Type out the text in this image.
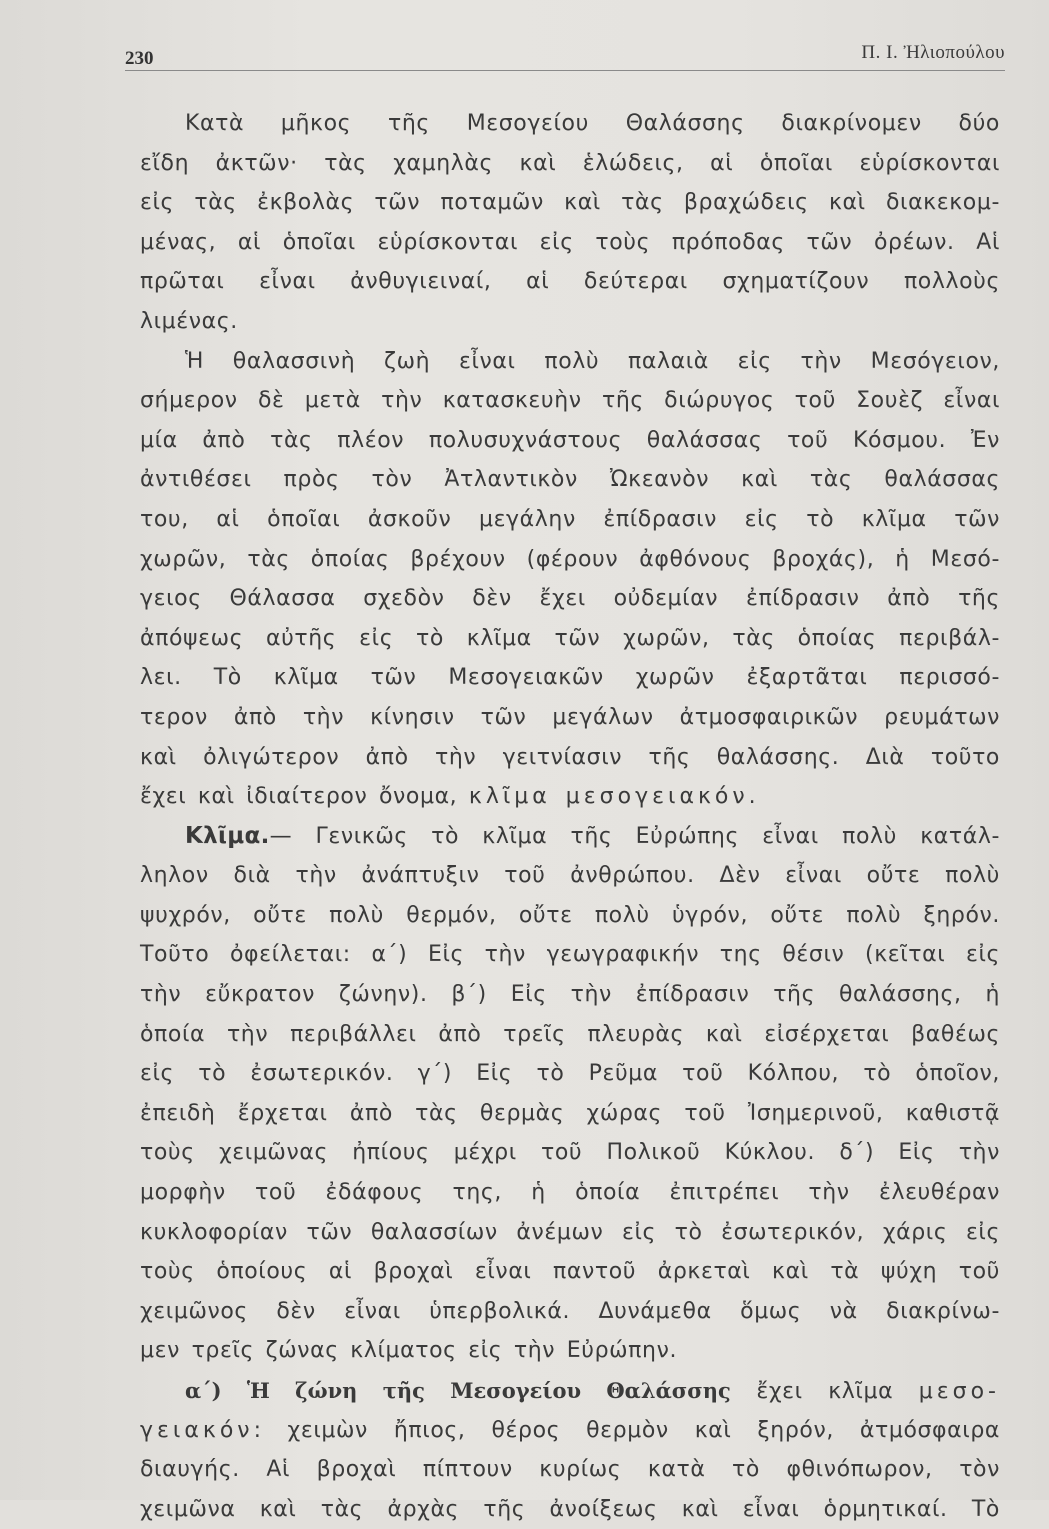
230	Π. Ι. Ἠλιοπούλου
Κατὰ μῆκος τῆς Μεσογείου Θαλάσσης διακρίνομεν δύο
εἴδη ἀκτῶν· τὰς χαμηλὰς καὶ ἑλώδεις, αἱ ὁποῖαι εὑρίσκονται
εἰς τὰς ἐκβολὰς τῶν ποταμῶν καὶ τὰς βραχώδεις καὶ διακεκομ-
μένας, αἱ ὁποῖαι εὑρίσκονται εἰς τοὺς πρόποδας τῶν ὀρέων. Αἱ
πρῶται εἶναι ἀνθυγιειναί, αἱ δεύτεραι σχηματίζουν πολλοὺς
λιμένας.
Ἡ θαλασσινὴ ζωὴ εἶναι πολὺ παλαιὰ εἰς τὴν Μεσόγειον,
σήμερον δὲ μετὰ τὴν κατασκευὴν τῆς διώρυγος τοῦ Σουὲζ εἶναι
μία ἀπὸ τὰς πλέον πολυσυχνάστους θαλάσσας τοῦ Κόσμου. Ἐν
ἀντιθέσει πρὸς τὸν Ἀτλαντικὸν Ὠκεανὸν καὶ τὰς θαλάσσας
του, αἱ ὁποῖαι ἀσκοῦν μεγάλην ἐπίδρασιν εἰς τὸ κλῖμα τῶν
χωρῶν, τὰς ὁποίας βρέχουν (φέρουν ἀφθόνους βροχάς), ἡ Μεσό-
γειος Θάλασσα σχεδὸν δὲν ἔχει οὐδεμίαν ἐπίδρασιν ἀπὸ τῆς
ἀπόψεως αὐτῆς εἰς τὸ κλῖμα τῶν χωρῶν, τὰς ὁποίας περιβάλ-
λει. Τὸ κλῖμα τῶν Μεσογειακῶν χωρῶν ἐξαρτᾶται περισσό-
τερον ἀπὸ τὴν κίνησιν τῶν μεγάλων ἀτμοσφαιρικῶν ρευμάτων
καὶ ὀλιγώτερον ἀπὸ τὴν γειτνίασιν τῆς θαλάσσης. Διὰ τοῦτο
ἔχει καὶ ἰδιαίτερον ὄνομα, κλῖμα μεσογειακόν.
Κλῖμα.— Γενικῶς τὸ κλῖμα τῆς Εὐρώπης εἶναι πολὺ κατάλ-
ληλον διὰ τὴν ἀνάπτυξιν τοῦ ἀνθρώπου. Δὲν εἶναι οὔτε πολὺ
ψυχρόν, οὔτε πολὺ θερμόν, οὔτε πολὺ ὑγρόν, οὔτε πολὺ ξηρόν.
Τοῦτο ὀφείλεται: α΄) Εἰς τὴν γεωγραφικήν της θέσιν (κεῖται εἰς
τὴν εὔκρατον ζώνην). β΄) Εἰς τὴν ἐπίδρασιν τῆς θαλάσσης, ἡ
ὁποία τὴν περιβάλλει ἀπὸ τρεῖς πλευρὰς καὶ εἰσέρχεται βαθέως
εἰς τὸ ἐσωτερικόν. γ΄) Εἰς τὸ Ρεῦμα τοῦ Κόλπου, τὸ ὁποῖον,
ἐπειδὴ ἔρχεται ἀπὸ τὰς θερμὰς χώρας τοῦ Ἰσημερινοῦ, καθιστᾷ
τοὺς χειμῶνας ἠπίους μέχρι τοῦ Πολικοῦ Κύκλου. δ΄) Εἰς τὴν
μορφὴν τοῦ ἐδάφους της, ἡ ὁποία ἐπιτρέπει τὴν ἐλευθέραν
κυκλοφορίαν τῶν θαλασσίων ἀνέμων εἰς τὸ ἐσωτερικόν, χάρις εἰς
τοὺς ὁποίους αἱ βροχαὶ εἶναι παντοῦ ἀρκεταὶ καὶ τὰ ψύχη τοῦ
χειμῶνος δὲν εἶναι ὑπερβολικά. Δυνάμεθα ὅμως νὰ διακρίνω-
μεν τρεῖς ζώνας κλίματος εἰς τὴν Εὐρώπην.
α΄) Ἡ ζώνη τῆς Μεσογείου Θαλάσσης ἔχει κλῖμα μεσο-
γειακόν: χειμὼν ἤπιος, θέρος θερμὸν καὶ ξηρόν, ἀτμόσφαιρα
διαυγής. Αἱ βροχαὶ πίπτουν κυρίως κατὰ τὸ φθινόπωρον, τὸν
χειμῶνα καὶ τὰς ἀρχὰς τῆς ἀνοίξεως καὶ εἶναι ὁρμητικαί. Τὸ
